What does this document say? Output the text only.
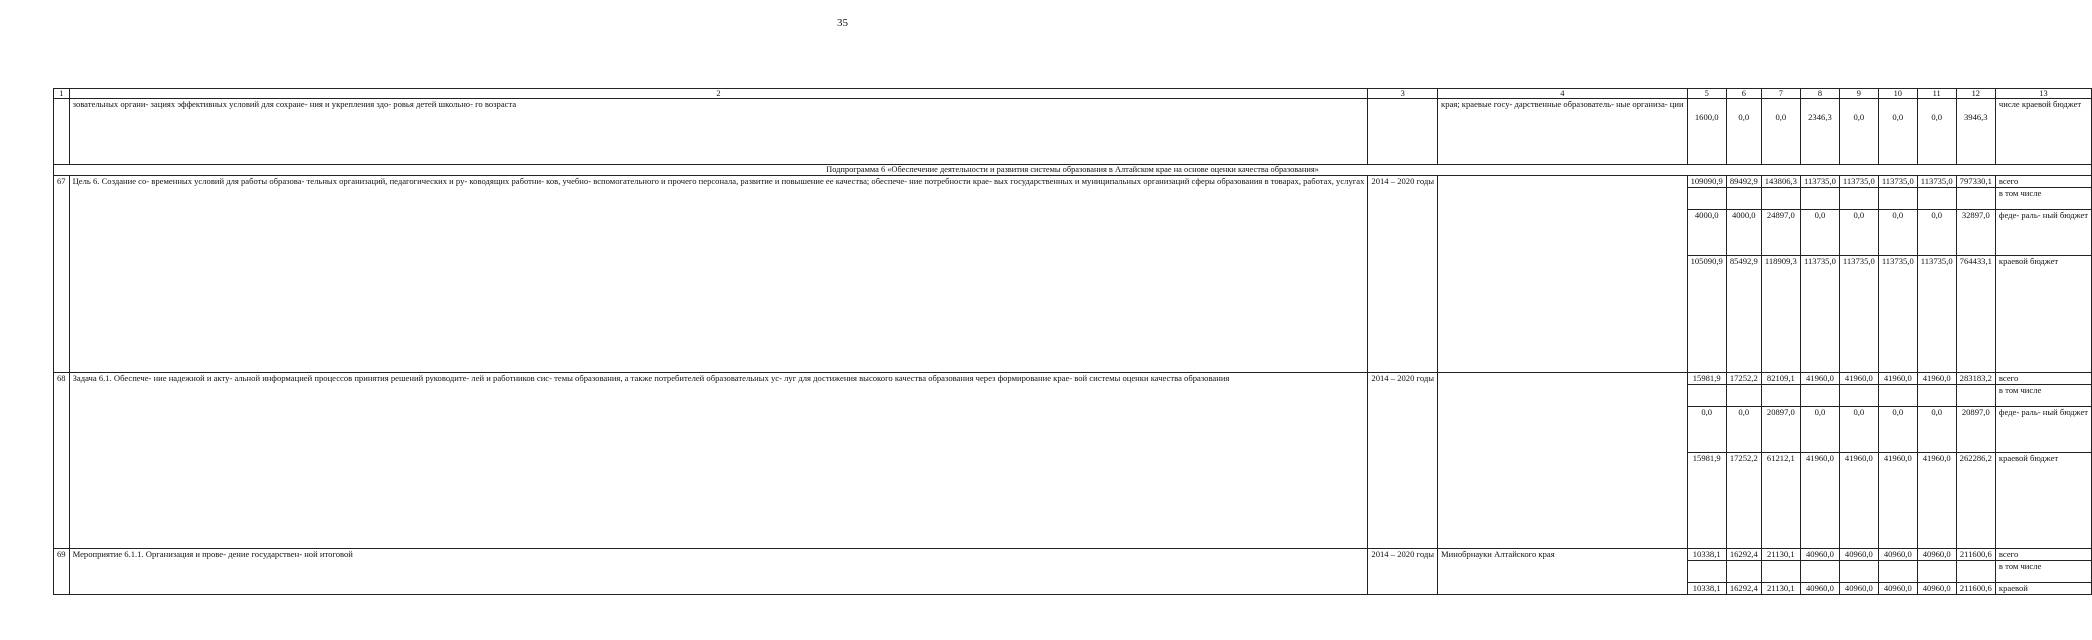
35
1	2	3	4	5	6	7	8	9	10	11	12	13
	зовательных органи- зациях эффективных условий для сохране- ния и укрепления здо- ровья детей школьно- го возраста		края; краевые госу- дарственные образователь- ные организа- ции	1600,0	0,0	0,0	2346,3	0,0	0,0	0,0	3946,3	числе краевой бюджет
Подпрограмма 6 «Обеспечение деятельности и развития системы образования в Алтайском крае на основе оценки качества образования»												
67	Цель 6. Создание со- временных условий для работы образова- тельных организаций, педагогических и ру- ководящих работни- ков, учебно- вспомогательного и прочего персонала, развитие и повышение ее качества; обеспече- ние потребности крае- вых государственных и муниципальных организаций сферы образования в товарах, работах, услугах	2014 – 2020 годы		109090,9	89492,9	143806,3	113735,0	113735,0	113735,0	113735,0	797330,1	всего
												в том числе
				4000,0	4000,0	24897,0	0,0	0,0	0,0	0,0	32897,0	феде- раль- ный бюджет
				105090,9	85492,9	118909,3	113735,0	113735,0	113735,0	113735,0	764433,1	краевой бюджет
68	Задача 6.1. Обеспече- ние надежной и акту- альной информацией процессов принятия решений руководите- лей и работников сис- темы образования, а также потребителей образовательных ус- луг для достижения высокого качества образования через формирование крае- вой системы оценки качества образования	2014 – 2020 годы		15981,9	17252,2	82109,1	41960,0	41960,0	41960,0	41960,0	283183,2	всего
												в том числе
				0,0	0,0	20897,0	0,0	0,0	0,0	0,0	20897,0	феде- раль- ный бюджет
				15981,9	17252,2	61212,1	41960,0	41960,0	41960,0	41960,0	262286,2	краевой бюджет
69	Мероприятие 6.1.1. Организация и прове- дение государствен- ной итоговой	2014 – 2020 годы	Минобрнауки Алтайского края	10338,1	16292,4	21130,1	40960,0	40960,0	40960,0	40960,0	211600,6	всего
												в том числе
				10338,1	16292,4	21130,1	40960,0	40960,0	40960,0	40960,0	211600,6	краевой
